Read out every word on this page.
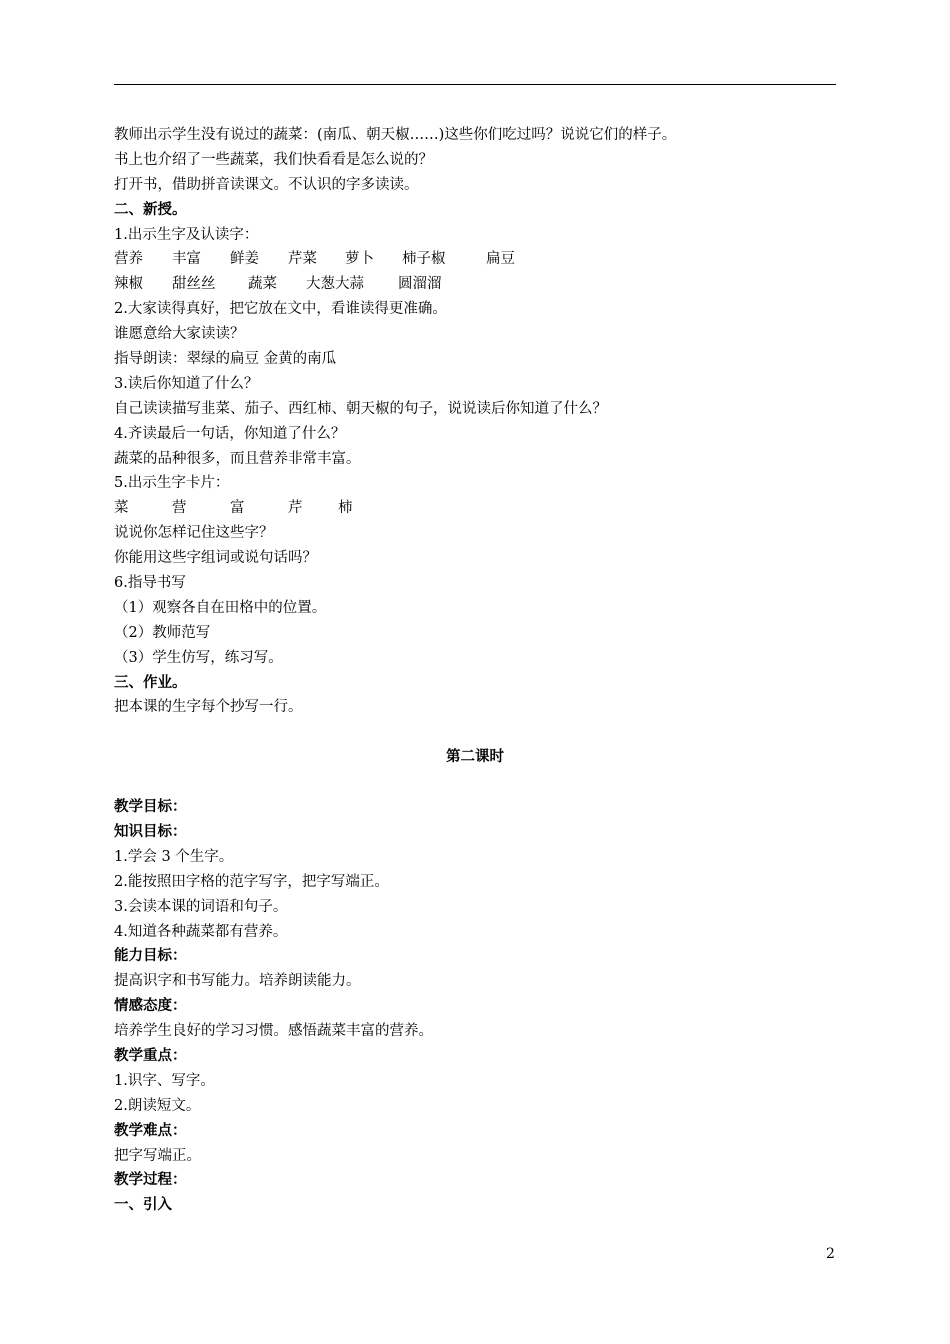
教师出示学生没有说过的蔬菜：(南瓜、朝天椒……)这些你们吃过吗？说说它们的样子。
书上也介绍了一些蔬菜，我们快看看是怎么说的？
打开书，借助拼音读课文。不认识的字多读读。
二、新授。
1.出示生字及认读字：
营养	丰富	鲜姜	芹菜	萝卜	柿子椒	扁豆
辣椒	甜丝丝	蔬菜	大葱大蒜	圆溜溜
2.大家读得真好，把它放在文中，看谁读得更准确。
谁愿意给大家读读？
指导朗读：翠绿的扁豆 金黄的南瓜
3.读后你知道了什么？
自己读读描写韭菜、茄子、西红柿、朝天椒的句子，说说读后你知道了什么？
4.齐读最后一句话，你知道了什么？
蔬菜的品种很多，而且营养非常丰富。
5.出示生字卡片：
菜	营	富	芹	柿
说说你怎样记住这些字？
你能用这些字组词或说句话吗？
6.指导书写
（1）观察各自在田格中的位置。
（2）教师范写
（3）学生仿写，练习写。
三、作业。
把本课的生字每个抄写一行。
第二课时
教学目标：
知识目标：
1.学会 3 个生字。
2.能按照田字格的范字写字，把字写端正。
3.会读本课的词语和句子。
4.知道各种蔬菜都有营养。
能力目标：
提高识字和书写能力。培养朗读能力。
情感态度：
培养学生良好的学习习惯。感悟蔬菜丰富的营养。
教学重点：
1.识字、写字。
2.朗读短文。
教学难点：
把字写端正。
教学过程：
一、引入
2
